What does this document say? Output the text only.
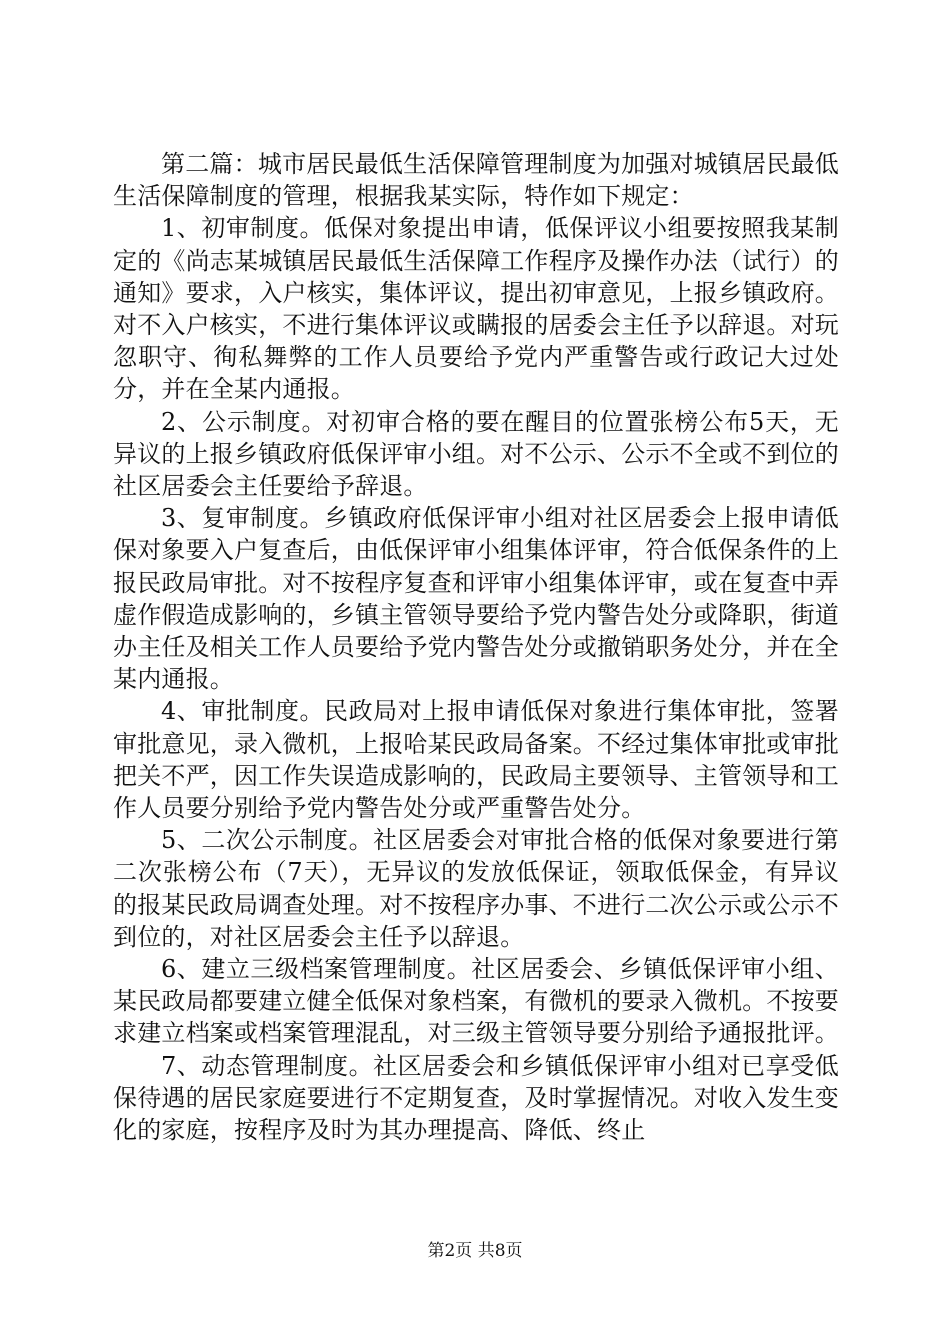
第二篇：城市居民最低生活保障管理制度为加强对城镇居民最低生活保障制度的管理，根据我某实际，特作如下规定：

1、初审制度。低保对象提出申请，低保评议小组要按照我某制定的《尚志某城镇居民最低生活保障工作程序及操作办法（试行）的通知》要求，入户核实，集体评议，提出初审意见，上报乡镇政府。对不入户核实，不进行集体评议或瞒报的居委会主任予以辞退。对玩忽职守、徇私舞弊的工作人员要给予党内严重警告或行政记大过处分，并在全某内通报。

2、公示制度。对初审合格的要在醒目的位置张榜公布5天，无异议的上报乡镇政府低保评审小组。对不公示、公示不全或不到位的社区居委会主任要给予辞退。

3、复审制度。乡镇政府低保评审小组对社区居委会上报申请低保对象要入户复查后，由低保评审小组集体评审，符合低保条件的上报民政局审批。对不按程序复查和评审小组集体评审，或在复查中弄虚作假造成影响的，乡镇主管领导要给予党内警告处分或降职，街道办主任及相关工作人员要给予党内警告处分或撤销职务处分，并在全某内通报。

4、审批制度。民政局对上报申请低保对象进行集体审批，签署审批意见，录入微机，上报哈某民政局备案。不经过集体审批或审批把关不严，因工作失误造成影响的，民政局主要领导、主管领导和工作人员要分别给予党内警告处分或严重警告处分。

5、二次公示制度。社区居委会对审批合格的低保对象要进行第二次张榜公布（7天），无异议的发放低保证，领取低保金，有异议的报某民政局调查处理。对不按程序办事、不进行二次公示或公示不到位的，对社区居委会主任予以辞退。

6、建立三级档案管理制度。社区居委会、乡镇低保评审小组、某民政局都要建立健全低保对象档案，有微机的要录入微机。不按要求建立档案或档案管理混乱，对三级主管领导要分别给予通报批评。

7、动态管理制度。社区居委会和乡镇低保评审小组对已享受低保待遇的居民家庭要进行不定期复查，及时掌握情况。对收入发生变化的家庭，按程序及时为其办理提高、降低、终止

第2页 共8页
